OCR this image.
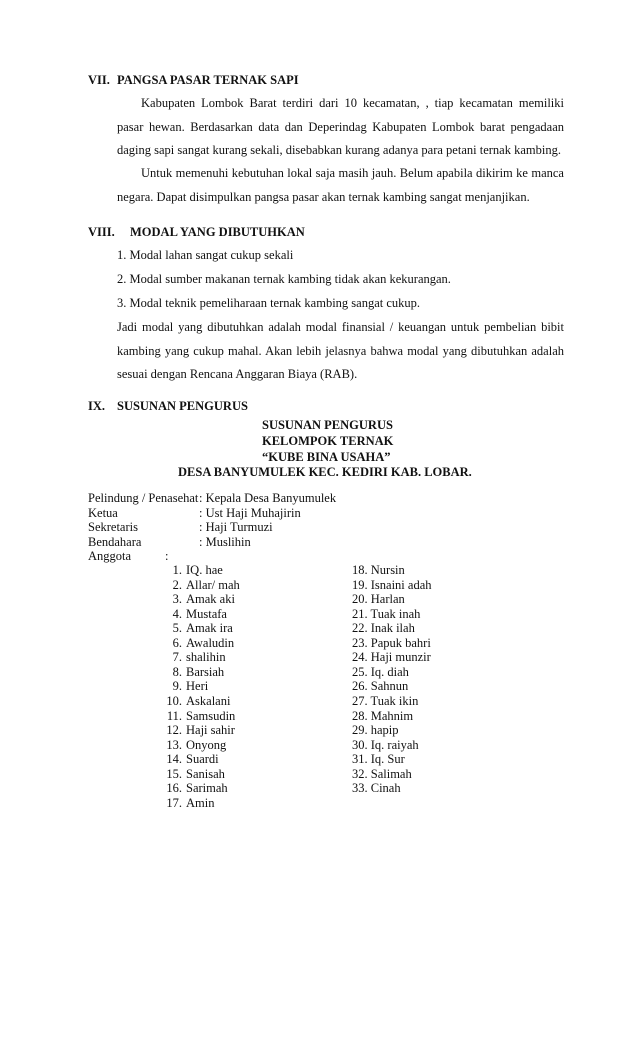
VII. PANGSA PASAR TERNAK SAPI

Kabupaten Lombok Barat terdiri dari 10 kecamatan, , tiap kecamatan memiliki pasar hewan. Berdasarkan data dan Deperindag Kabupaten Lombok barat pengadaan daging sapi sangat kurang sekali, disebabkan kurang adanya para petani ternak kambing.

Untuk memenuhi kebutuhan lokal saja masih jauh. Belum apabila dikirim ke manca negara. Dapat disimpulkan pangsa pasar akan ternak kambing sangat menjanjikan.

VIII. MODAL YANG DIBUTUHKAN
1. Modal lahan sangat cukup sekali
2. Modal sumber makanan ternak kambing tidak akan kekurangan.
3. Modal teknik pemeliharaan ternak kambing sangat cukup.

Jadi modal yang dibutuhkan adalah modal finansial / keuangan untuk pembelian bibit kambing yang cukup mahal. Akan lebih jelasnya bahwa modal yang dibutuhkan adalah sesuai dengan Rencana Anggaran Biaya (RAB).

IX. SUSUNAN PENGURUS
SUSUNAN PENGURUS
KELOMPOK TERNAK
“KUBE BINA USAHA”
DESA BANYUMULEK KEC. KEDIRI KAB. LOBAR.
Pelindung / Penasehat : Kepala Desa Banyumulek
Ketua	: Ust Haji Muhajirin
Sekretaris	: Haji Turmuzi
Bendahara	: Muslihin
Anggota	:
1. IQ. hae
2. Allar/ mah
3. Amak aki
4. Mustafa
5. Amak ira
6. Awaludin
7. shalihin
8. Barsiah
9. Heri
10. Askalani
11. Samsudin
12. Haji sahir
13. Onyong
14. Suardi
15. Sanisah
16. Sarimah
17. Amin
18. Nursin
19. Isnaini adah
20. Harlan
21. Tuak inah
22. Inak ilah
23. Papuk bahri
24. Haji munzir
25. Iq. diah
26. Sahnun
27. Tuak ikin
28. Mahnim
29. hapip
30. Iq. raiyah
31. Iq. Sur
32. Salimah
33. Cinah
